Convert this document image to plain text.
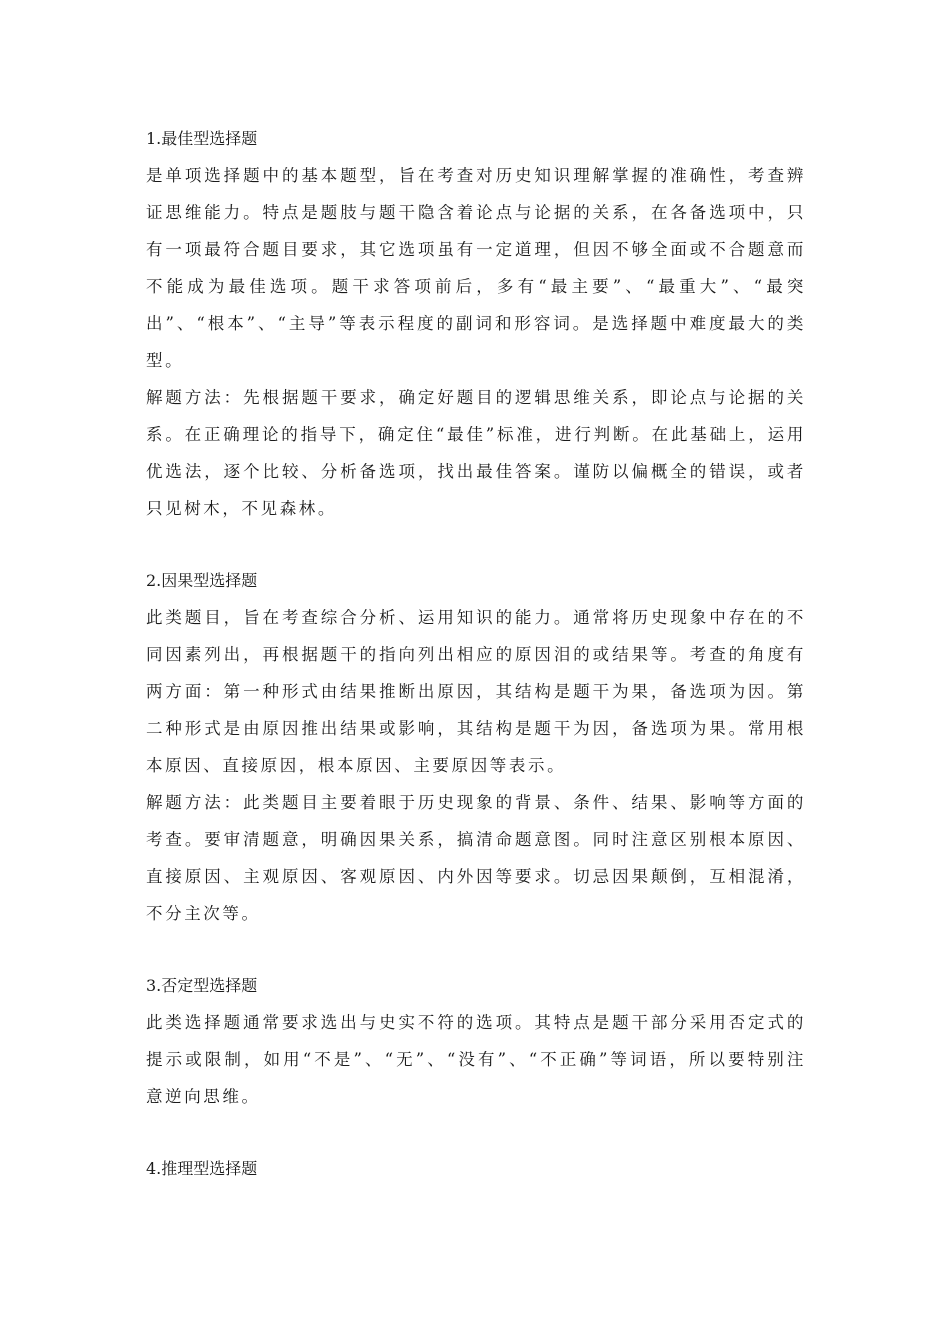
1.最佳型选择题

是单项选择题中的基本题型，旨在考查对历史知识理解掌握的准确性，考查辨证思维能力。特点是题肢与题干隐含着论点与论据的关系，在各备选项中，只有一项最符合题目要求，其它选项虽有一定道理，但因不够全面或不合题意而不能成为最佳选项。题干求答项前后，多有“最主要”、“最重大”、“最突出”、“根本”、“主导”等表示程度的副词和形容词。是选择题中难度最大的类型。

解题方法：先根据题干要求，确定好题目的逻辑思维关系，即论点与论据的关系。在正确理论的指导下，确定住“最佳”标准，进行判断。在此基础上，运用优选法，逐个比较、分析备选项，找出最佳答案。谨防以偏概全的错误，或者只见树木，不见森林。

2.因果型选择题

此类题目，旨在考查综合分析、运用知识的能力。通常将历史现象中存在的不同因素列出，再根据题干的指向列出相应的原因泪的或结果等。考查的角度有两方面：第一种形式由结果推断出原因，其结构是题干为果，备选项为因。第二种形式是由原因推出结果或影响，其结构是题干为因，备选项为果。常用根本原因、直接原因，根本原因、主要原因等表示。

解题方法：此类题目主要着眼于历史现象的背景、条件、结果、影响等方面的考查。要审清题意，明确因果关系，搞清命题意图。同时注意区别根本原因、直接原因、主观原因、客观原因、内外因等要求。切忌因果颠倒，互相混淆，不分主次等。

3.否定型选择题

此类选择题通常要求选出与史实不符的选项。其特点是题干部分采用否定式的提示或限制，如用“不是”、“无”、“没有”、“不正确”等词语，所以要特别注意逆向思维。

4.推理型选择题
